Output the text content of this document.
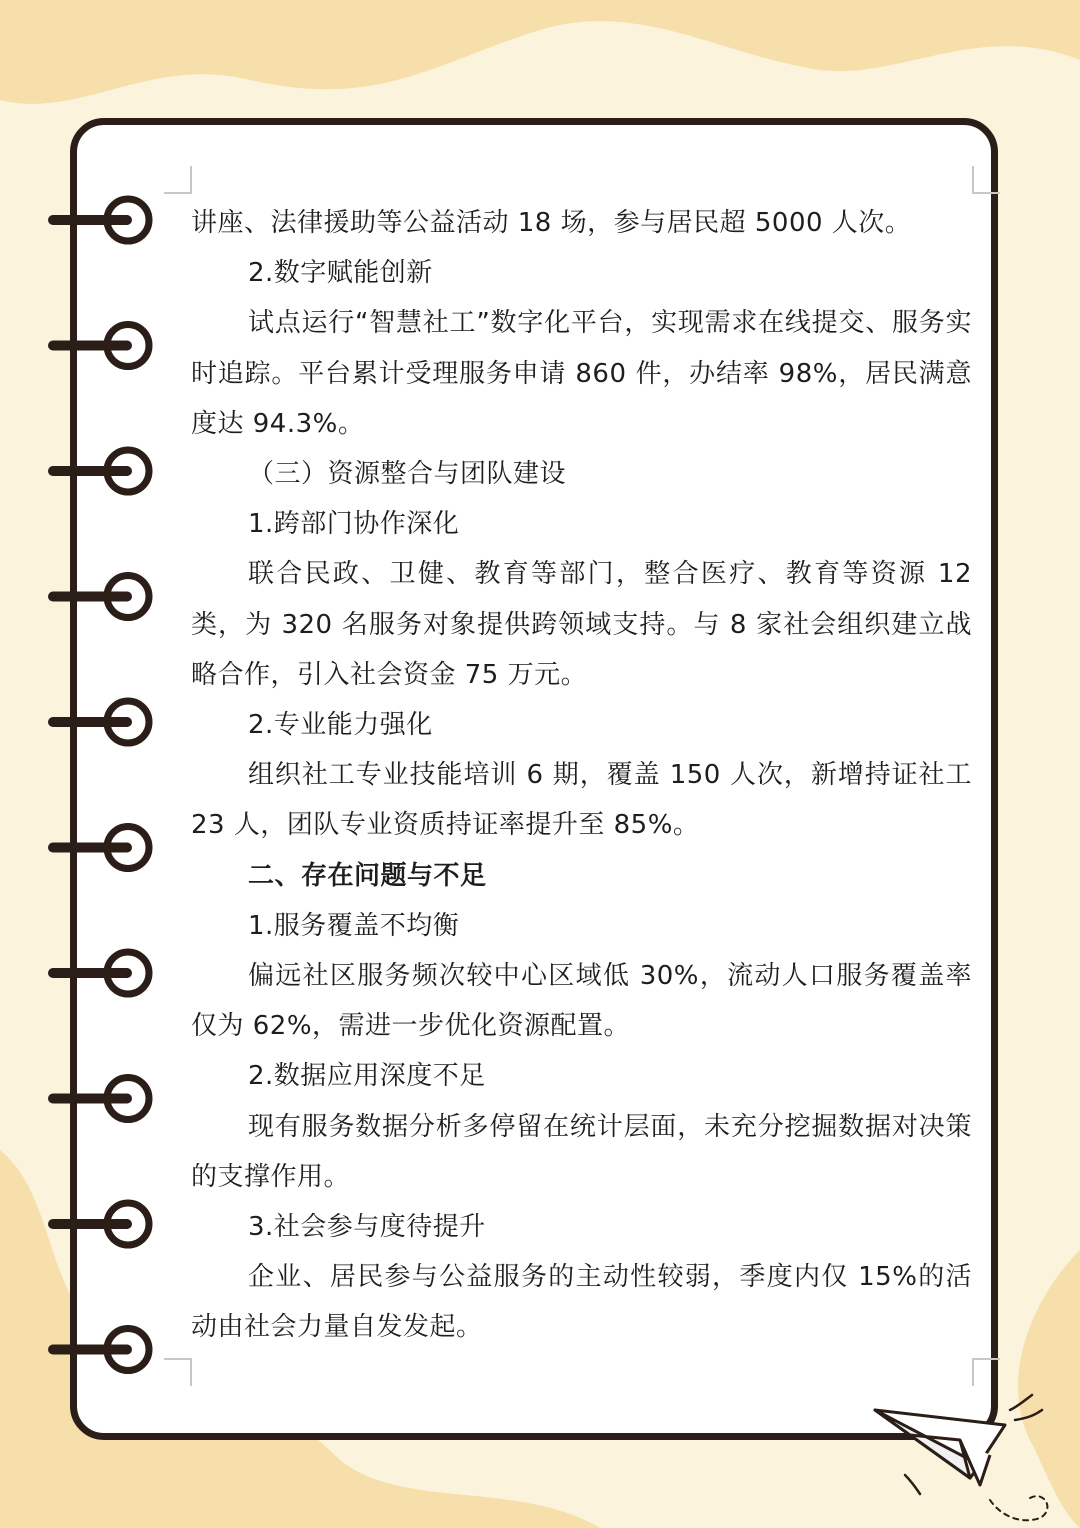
讲座、法律援助等公益活动 18 场，参与居民超 5000 人次。

2.数字赋能创新

试点运行“智慧社工”数字化平台，实现需求在线提交、服务实时追踪。平台累计受理服务申请 860 件，办结率 98%，居民满意度达 94.3%。

（三）资源整合与团队建设

1.跨部门协作深化

联合民政、卫健、教育等部门，整合医疗、教育等资源 12 类，为 320 名服务对象提供跨领域支持。与 8 家社会组织建立战略合作，引入社会资金 75 万元。

2.专业能力强化

组织社工专业技能培训 6 期，覆盖 150 人次，新增持证社工 23 人，团队专业资质持证率提升至 85%。

二、存在问题与不足

1.服务覆盖不均衡

偏远社区服务频次较中心区域低 30%，流动人口服务覆盖率仅为 62%，需进一步优化资源配置。

2.数据应用深度不足

现有服务数据分析多停留在统计层面，未充分挖掘数据对决策的支撑作用。

3.社会参与度待提升

企业、居民参与公益服务的主动性较弱，季度内仅 15%的活动由社会力量自发发起。
